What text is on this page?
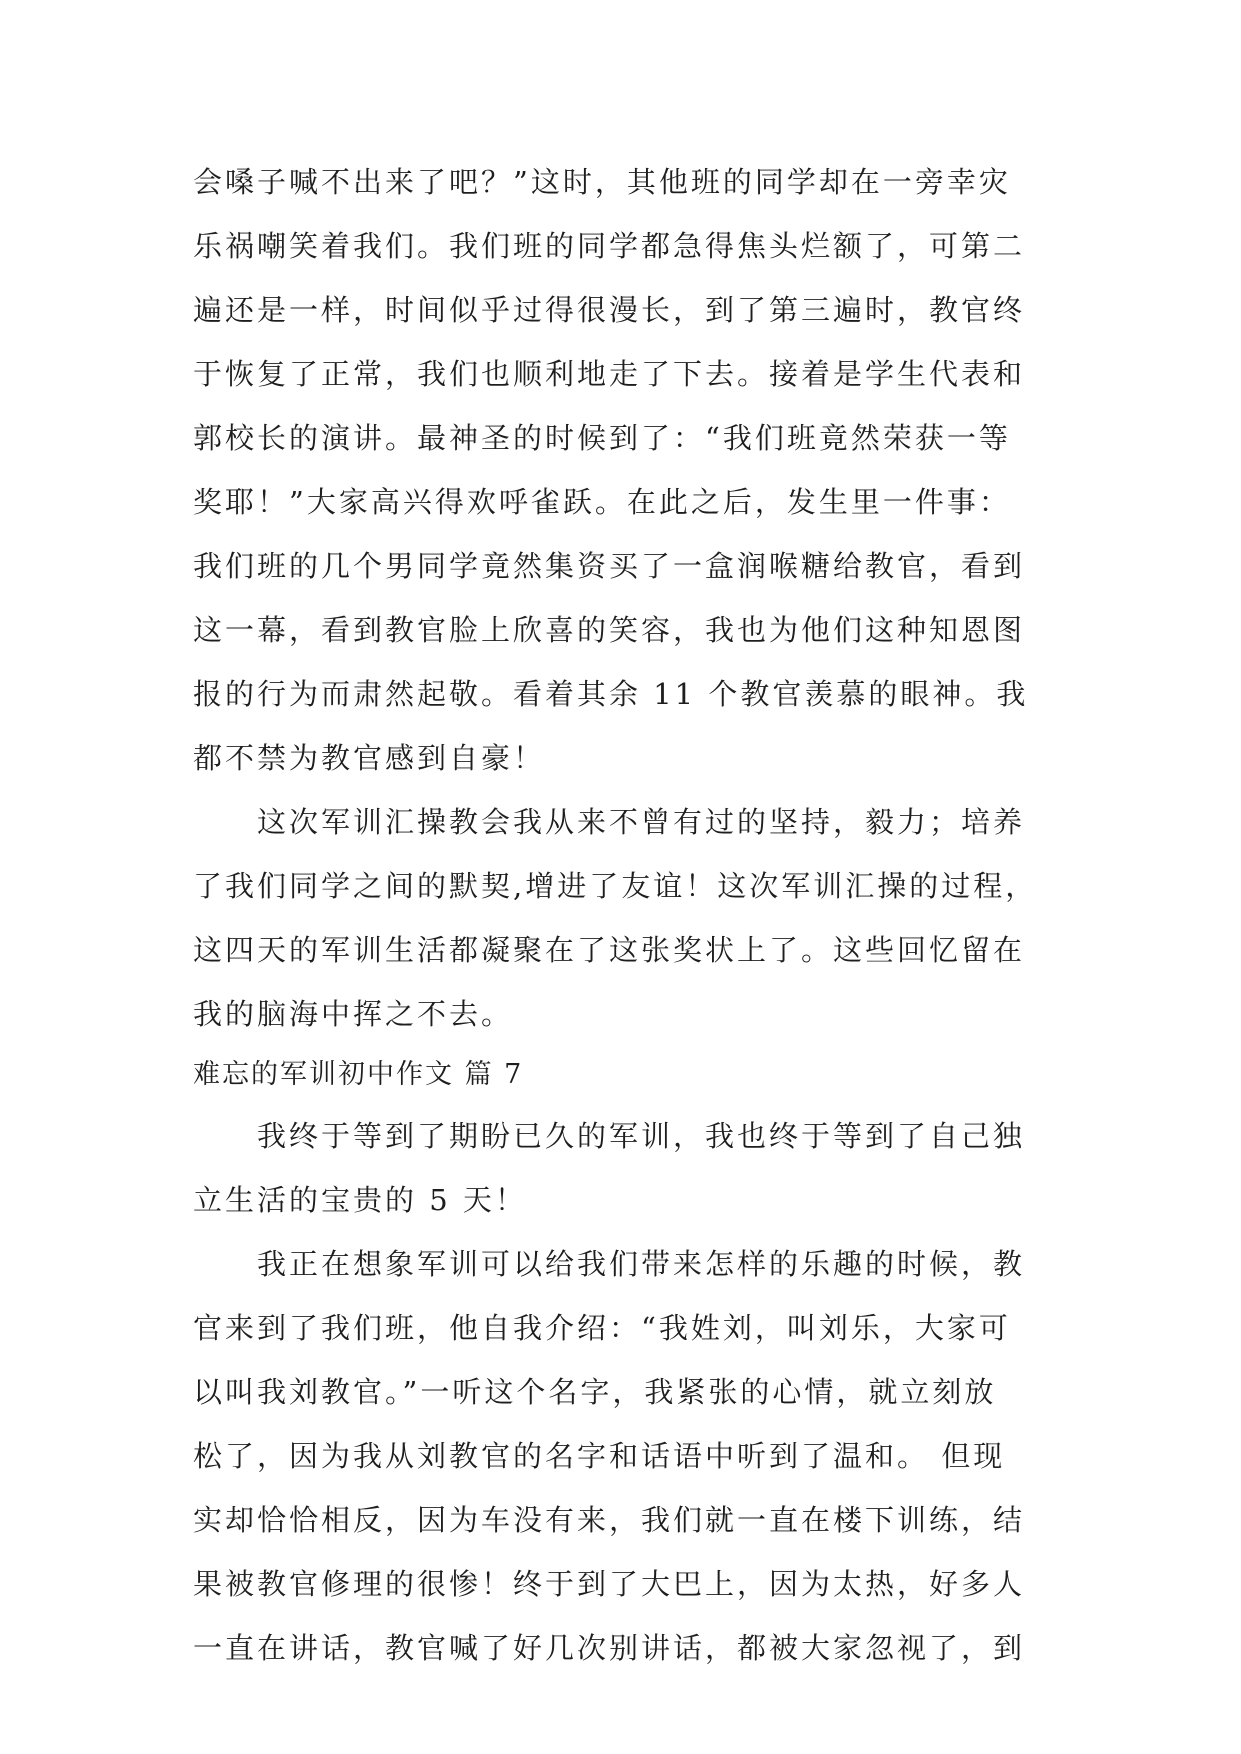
会嗓子喊不出来了吧？”这时，其他班的同学却在一旁幸灾
乐祸嘲笑着我们。我们班的同学都急得焦头烂额了，可第二
遍还是一样，时间似乎过得很漫长，到了第三遍时，教官终
于恢复了正常，我们也顺利地走了下去。接着是学生代表和
郭校长的演讲。最神圣的时候到了：“我们班竟然荣获一等
奖耶！”大家高兴得欢呼雀跃。在此之后，发生里一件事：
我们班的几个男同学竟然集资买了一盒润喉糖给教官，看到
这一幕，看到教官脸上欣喜的笑容，我也为他们这种知恩图
报的行为而肃然起敬。看着其余 11 个教官羡慕的眼神。我
都不禁为教官感到自豪！
　　这次军训汇操教会我从来不曾有过的坚持，毅力；培养
了我们同学之间的默契,增进了友谊！这次军训汇操的过程，
这四天的军训生活都凝聚在了这张奖状上了。这些回忆留在
我的脑海中挥之不去。
难忘的军训初中作文 篇 7
　　我终于等到了期盼已久的军训，我也终于等到了自己独
立生活的宝贵的 5 天！
　　我正在想象军训可以给我们带来怎样的乐趣的时候，教
官来到了我们班，他自我介绍：“我姓刘，叫刘乐，大家可
以叫我刘教官。”一听这个名字，我紧张的心情，就立刻放
松了，因为我从刘教官的名字和话语中听到了温和。 但现
实却恰恰相反，因为车没有来，我们就一直在楼下训练，结
果被教官修理的很惨！终于到了大巴上，因为太热，好多人
一直在讲话，教官喊了好几次别讲话，都被大家忽视了，到
